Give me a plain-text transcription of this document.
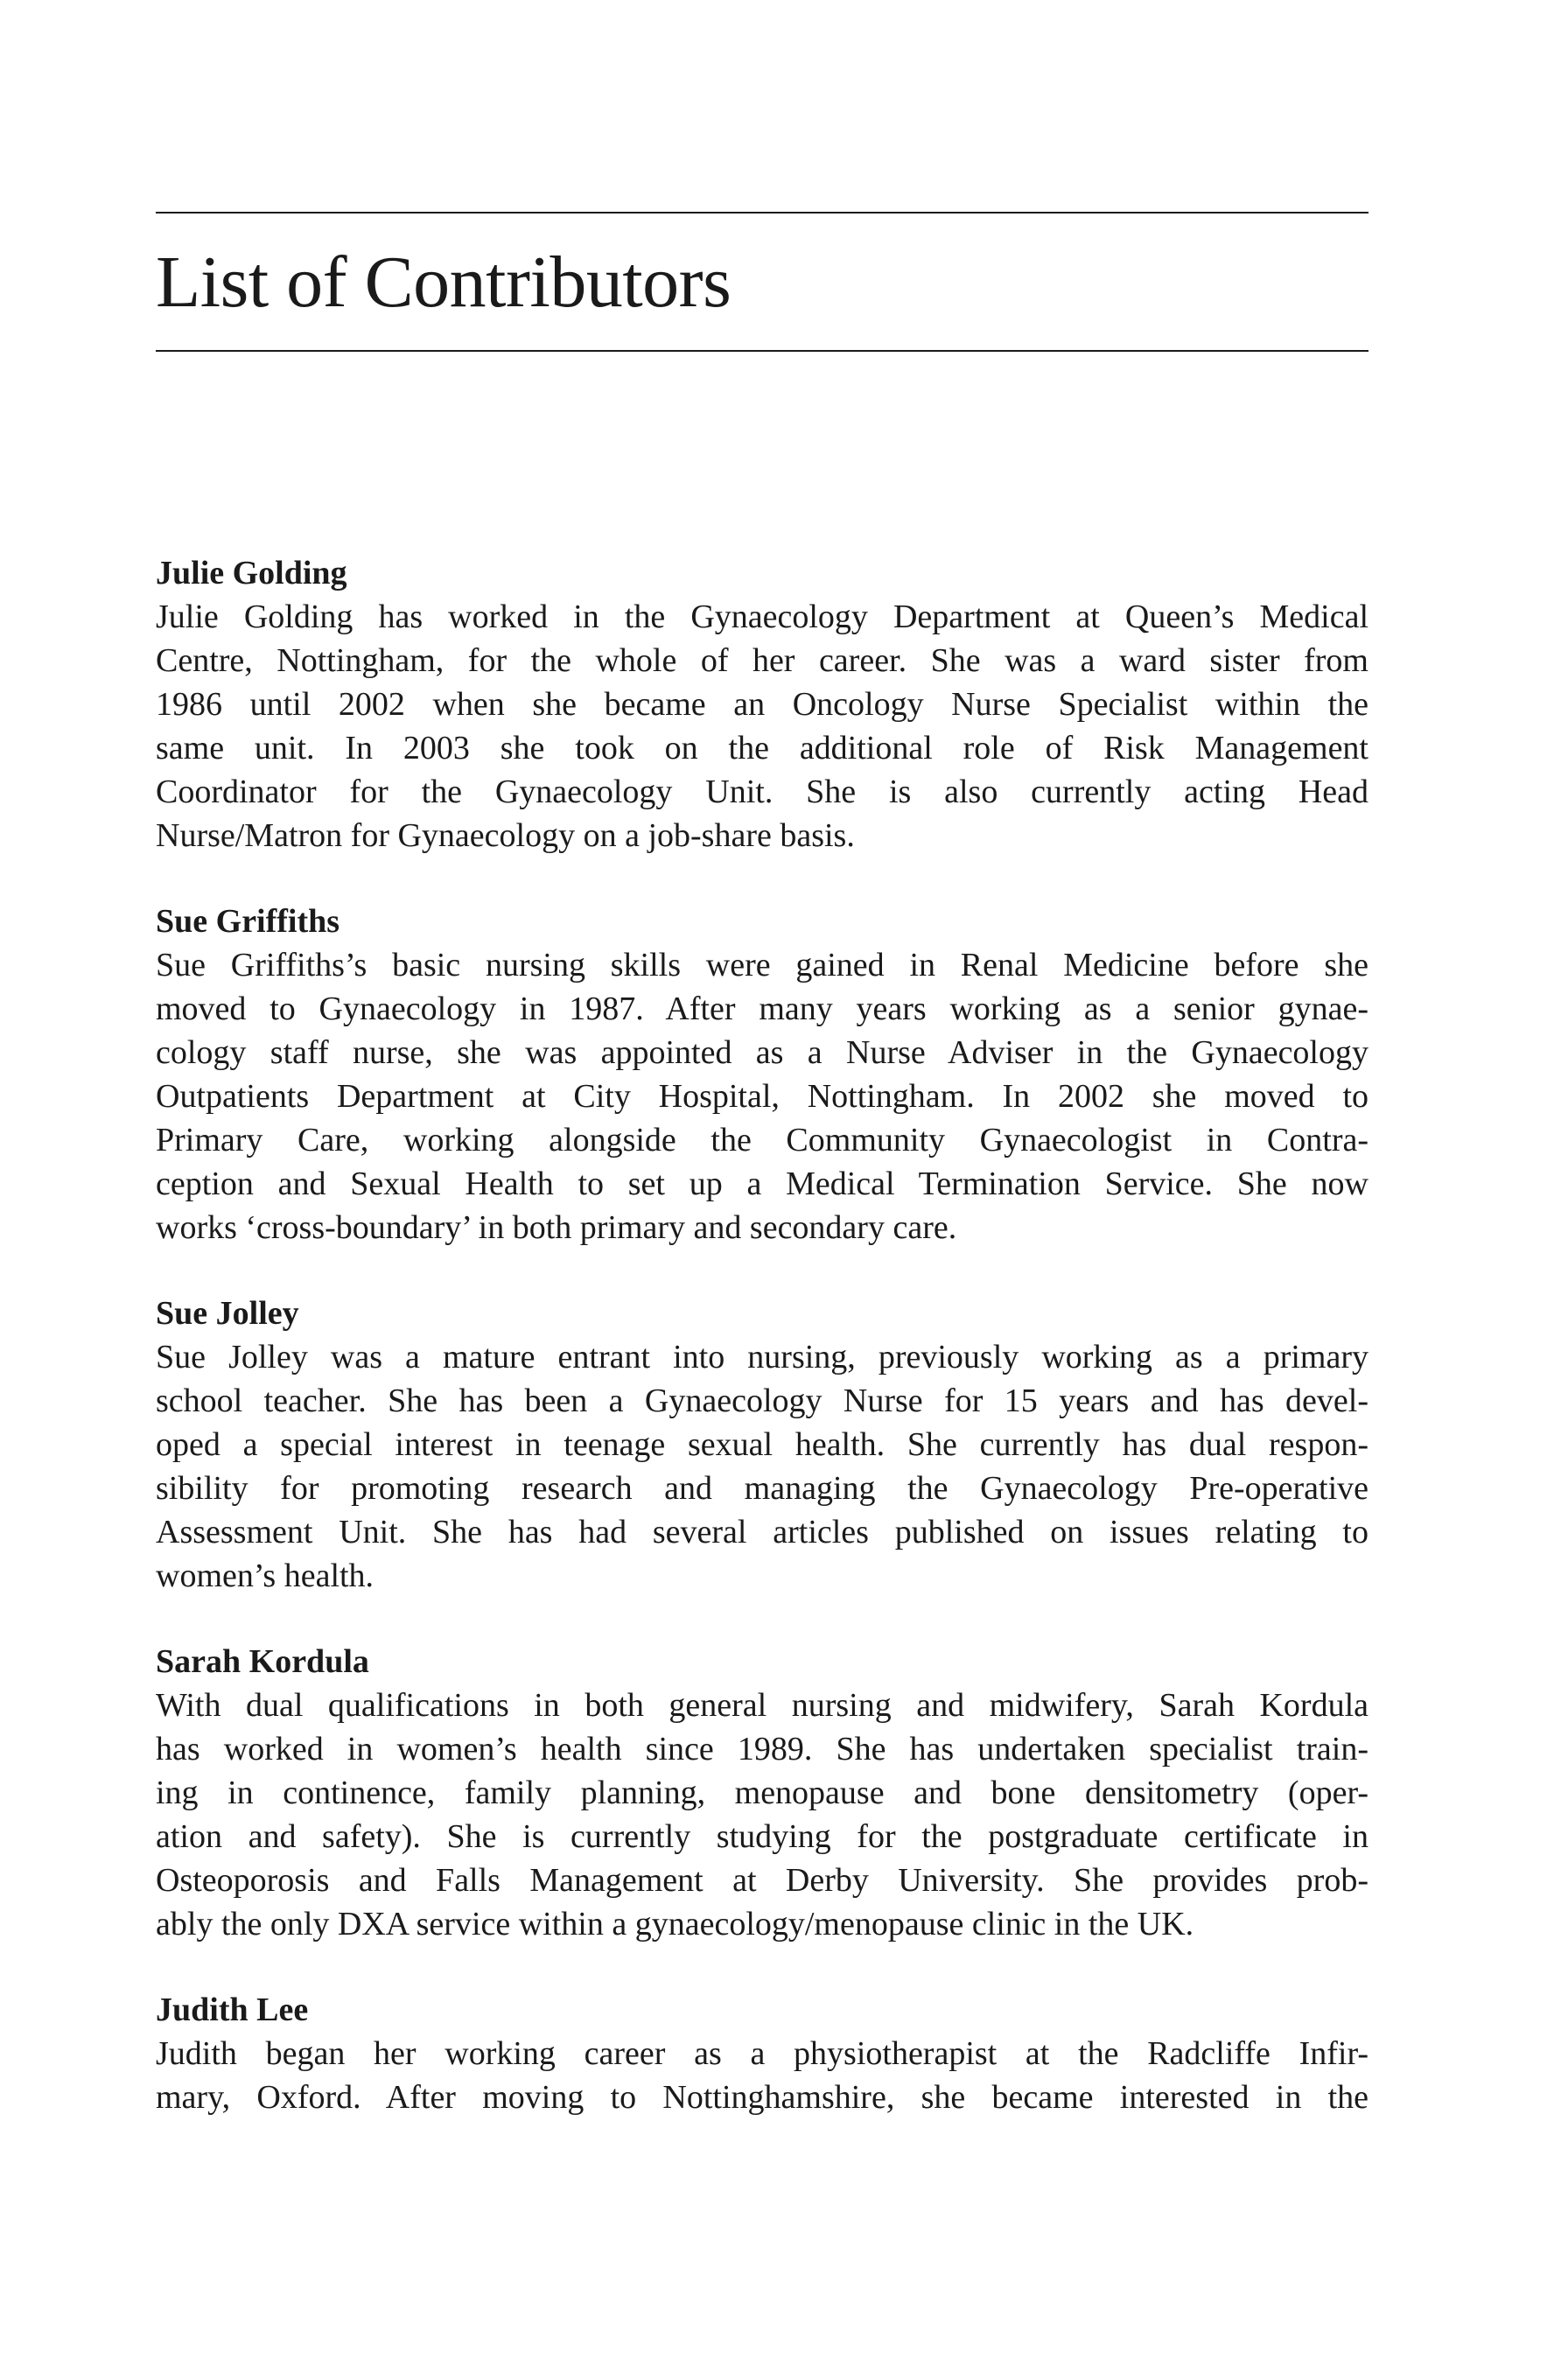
List of Contributors

Julie Golding

Julie Golding has worked in the Gynaecology Department at Queen’s Medical
Centre, Nottingham, for the whole of her career. She was a ward sister from
1986 until 2002 when she became an Oncology Nurse Specialist within the
same unit. In 2003 she took on the additional role of Risk Management
Coordinator for the Gynaecology Unit. She is also currently acting Head
Nurse/Matron for Gynaecology on a job-share basis.

Sue Griffiths

Sue Griffiths’s basic nursing skills were gained in Renal Medicine before she
moved to Gynaecology in 1987. After many years working as a senior gynae-
cology staff nurse, she was appointed as a Nurse Adviser in the Gynaecology
Outpatients Department at City Hospital, Nottingham. In 2002 she moved to
Primary Care, working alongside the Community Gynaecologist in Contra-
ception and Sexual Health to set up a Medical Termination Service. She now
works ‘cross-boundary’ in both primary and secondary care.

Sue Jolley

Sue Jolley was a mature entrant into nursing, previously working as a primary
school teacher. She has been a Gynaecology Nurse for 15 years and has devel-
oped a special interest in teenage sexual health. She currently has dual respon-
sibility for promoting research and managing the Gynaecology Pre-operative
Assessment Unit. She has had several articles published on issues relating to
women’s health.

Sarah Kordula

With dual qualifications in both general nursing and midwifery, Sarah Kordula
has worked in women’s health since 1989. She has undertaken specialist train-
ing in continence, family planning, menopause and bone densitometry (oper-
ation and safety). She is currently studying for the postgraduate certificate in
Osteoporosis and Falls Management at Derby University. She provides prob-
ably the only DXA service within a gynaecology/menopause clinic in the UK.

Judith Lee

Judith began her working career as a physiotherapist at the Radcliffe Infir-
mary, Oxford. After moving to Nottinghamshire, she became interested in the
